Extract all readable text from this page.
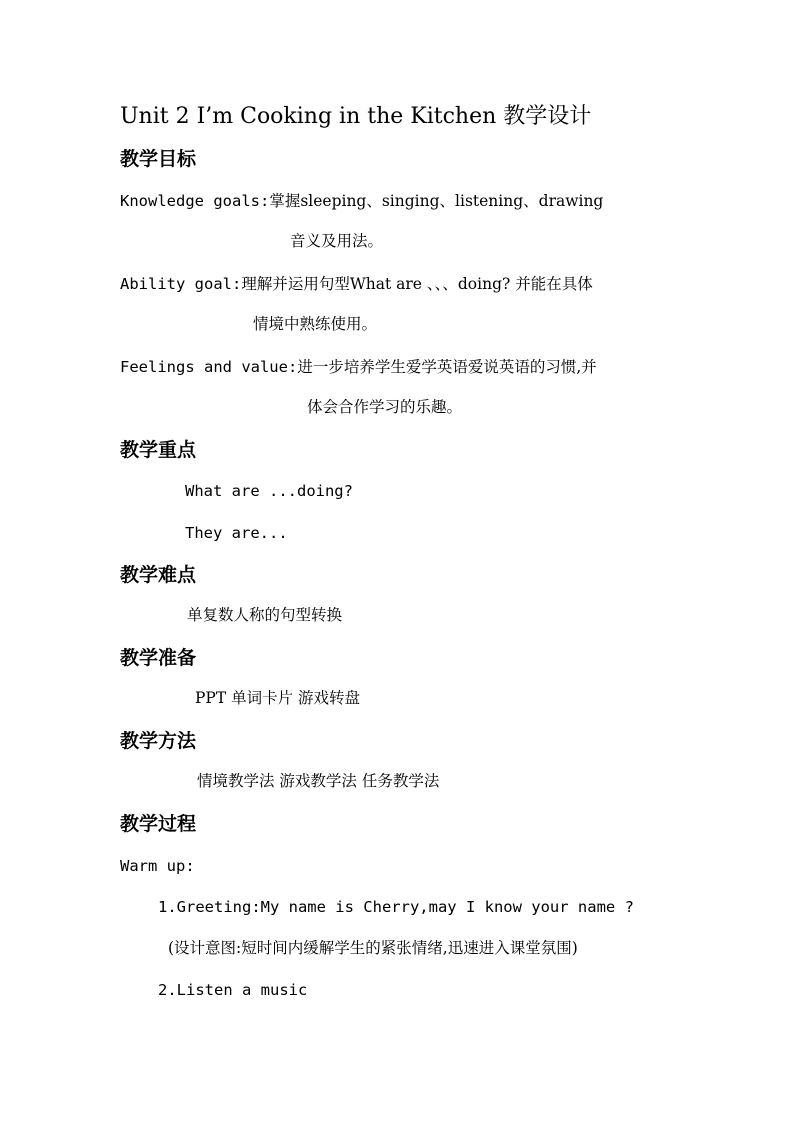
Unit 2 I’m Cooking in the Kitchen 教学设计
教学目标
Knowledge goals:掌握sleeping、singing、listening、drawing
音义及用法。
Ability goal:理解并运用句型What are 、、、doing? 并能在具体
情境中熟练使用。
Feelings and value:进一步培养学生爱学英语爱说英语的习惯,并
体会合作学习的乐趣。
教学重点
What are ...doing?
They are...
教学难点
单复数人称的句型转换
教学准备
PPT 单词卡片 游戏转盘
教学方法
情境教学法 游戏教学法 任务教学法
教学过程
Warm up:
1.Greeting:My name is Cherry,may I know your name ?
(设计意图:短时间内缓解学生的紧张情绪,迅速进入课堂氛围)
2.Listen a music
